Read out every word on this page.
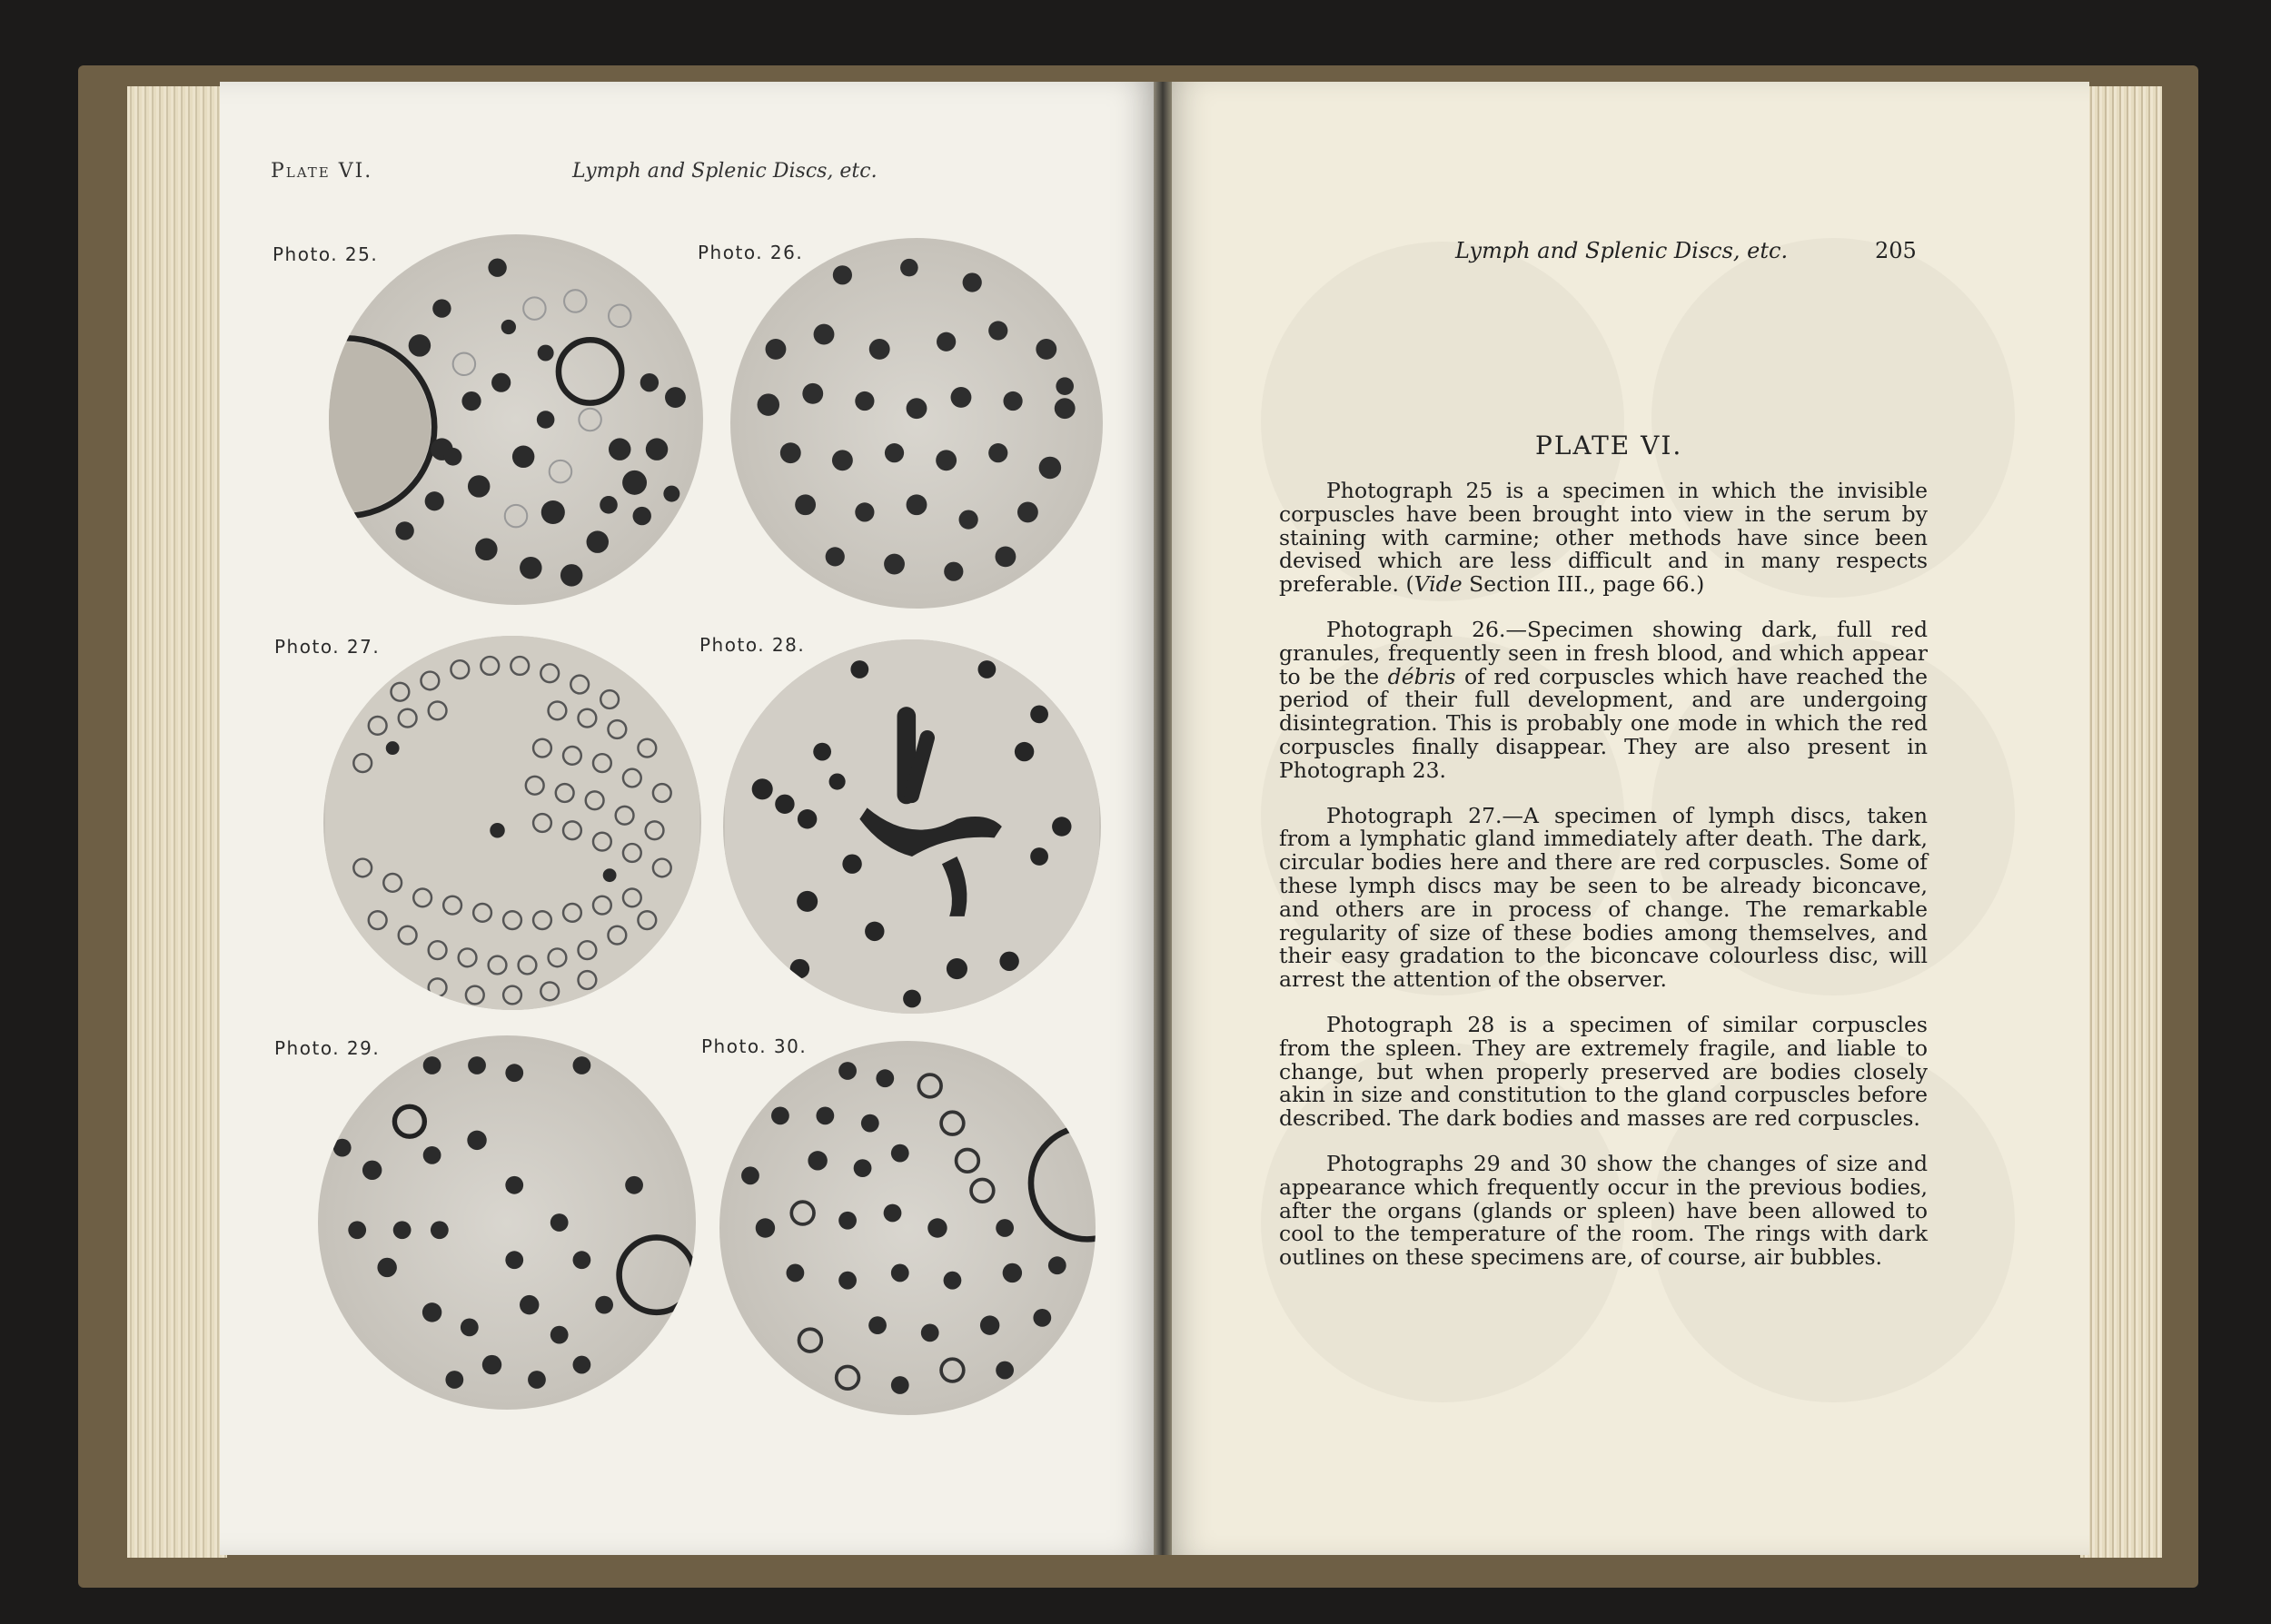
Plate VI.	Lymph and Splenic Discs, etc.
Photo. 25.	Photo. 26.
Photo. 27.	Photo. 28.
Photo. 29.	Photo. 30.
Lymph and Splenic Discs, etc.	205
PLATE VI.

Photograph 25 is a specimen in which the invisible corpuscles have been brought into view in the serum by staining with carmine; other methods have since been devised which are less difficult and in many respects preferable. (Vide Section III., page 66.)

Photograph 26.—Specimen showing dark, full red granules, frequently seen in fresh blood, and which appear to be the débris of red corpuscles which have reached the period of their full development, and are undergoing disintegration. This is probably one mode in which the red corpuscles finally disappear. They are also present in Photograph 23.

Photograph 27.—A specimen of lymph discs, taken from a lymphatic gland immediately after death. The dark, circular bodies here and there are red corpuscles. Some of these lymph discs may be seen to be already biconcave, and others are in process of change. The remarkable regularity of size of these bodies among themselves, and their easy gradation to the biconcave colourless disc, will arrest the attention of the observer.

Photograph 28 is a specimen of similar corpuscles from the spleen. They are extremely fragile, and liable to change, but when properly preserved are bodies closely akin in size and constitution to the gland corpuscles before described. The dark bodies and masses are red corpuscles.

Photographs 29 and 30 show the changes of size and appearance which frequently occur in the previous bodies, after the organs (glands or spleen) have been allowed to cool to the temperature of the room. The rings with dark outlines on these specimens are, of course, air bubbles.
